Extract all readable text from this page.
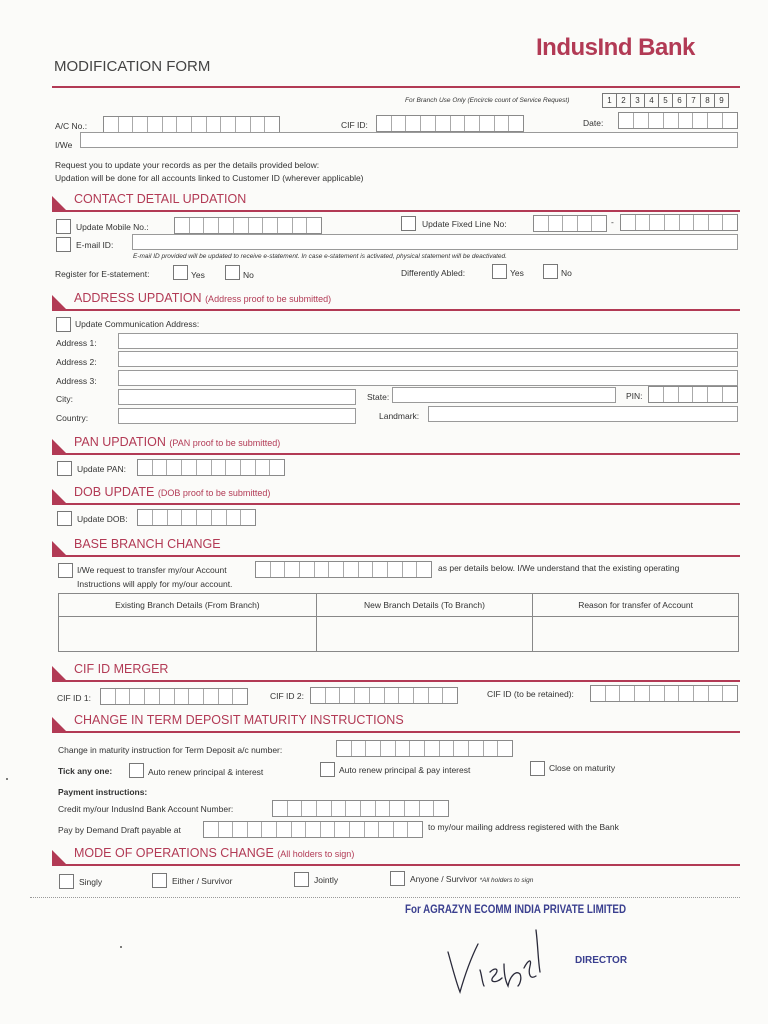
MODIFICATION FORM
IndusInd Bank
For Branch Use Only (Encircle count of Service Request)	1	2	3	4	5	6	7	8	9
A/C No.:	CIF ID:	Date:
I/We
Request you to update your records as per the details provided below:
Updation will be done for all accounts linked to Customer ID (wherever applicable)
CONTACT DETAIL UPDATION
Update Mobile No.:	Update Fixed Line No:	-
E-mail ID:
E-mail ID provided will be updated to receive e-statement. In case e-statement is activated, physical statement will be deactivated.
Register for E-statement:	Yes	No	Differently Abled:	Yes	No
ADDRESS UPDATION (Address proof to be submitted)
Update Communication Address:
Address 1:
Address 2:
Address 3:
City:	State:	PIN:
Country:	Landmark:
PAN UPDATION (PAN proof to be submitted)
Update PAN:
DOB UPDATE (DOB proof to be submitted)
Update DOB:
BASE BRANCH CHANGE
I/We request to transfer my/our Account	as per details below. I/We understand that the existing operating
Instructions will apply for my/our account.
Existing Branch Details (From Branch)	New Branch Details (To Branch)	Reason for transfer of Account

CIF ID MERGER
CIF ID 1:	CIF ID 2:	CIF ID (to be retained):
CHANGE IN TERM DEPOSIT MATURITY INSTRUCTIONS
Change in maturity instruction for Term Deposit a/c number:
Tick any one:	Auto renew principal & interest	Auto renew principal & pay interest	Close on maturity
Payment instructions:
Credit my/our IndusInd Bank Account Number:
Pay by Demand Draft payable at	to my/our mailing address registered with the Bank
MODE OF OPERATIONS CHANGE (All holders to sign)
Singly	Either / Survivor	Jointly	Anyone / Survivor *All holders to sign
For AGRAZYN ECOMM INDIA PRIVATE LIMITED
DIRECTOR
